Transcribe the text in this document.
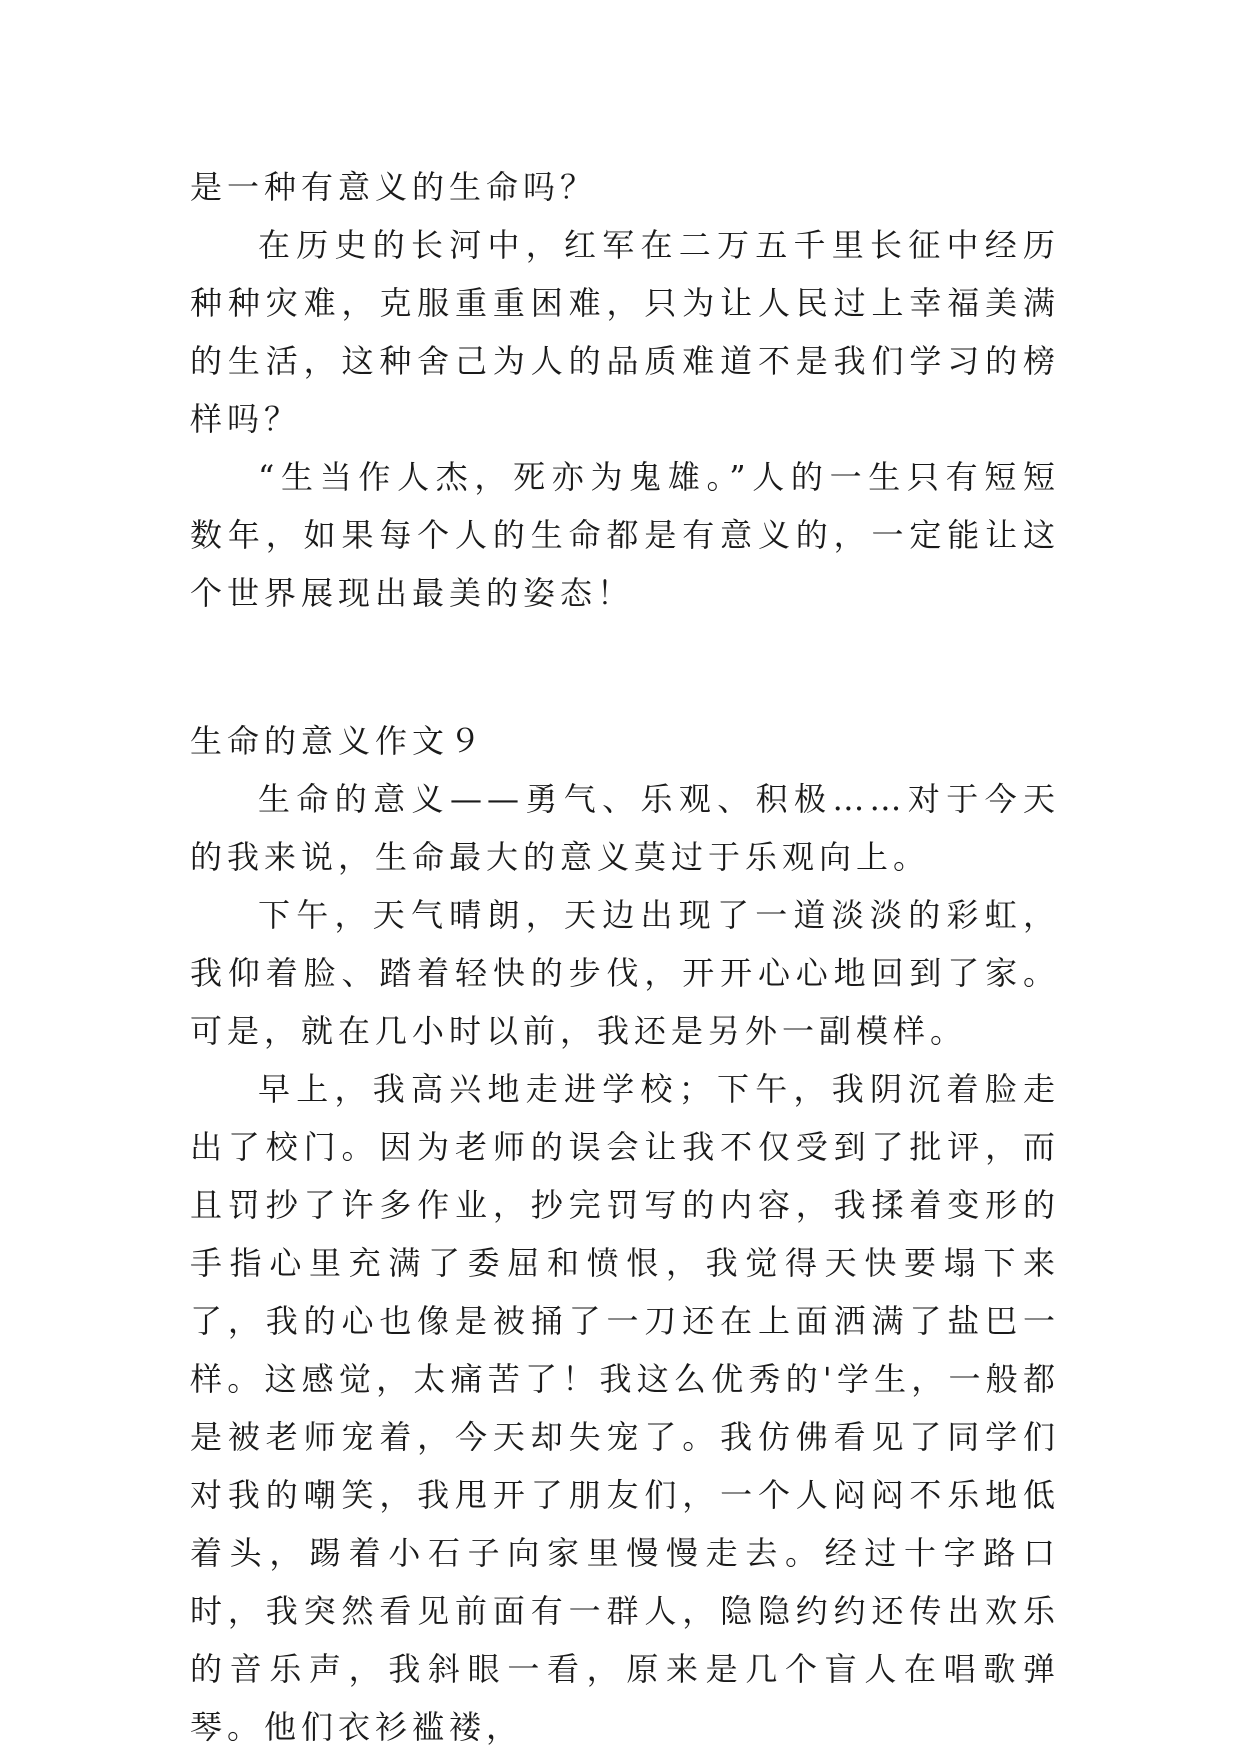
是一种有意义的生命吗？

在历史的长河中，红军在二万五千里长征中经历种种灾难，克服重重困难，只为让人民过上幸福美满的生活，这种舍己为人的品质难道不是我们学习的榜样吗？

“生当作人杰，死亦为鬼雄。”人的一生只有短短数年，如果每个人的生命都是有意义的，一定能让这个世界展现出最美的姿态！

生命的意义作文９

生命的意义——勇气、乐观、积极……对于今天的我来说，生命最大的意义莫过于乐观向上。

下午，天气晴朗，天边出现了一道淡淡的彩虹，我仰着脸、踏着轻快的步伐，开开心心地回到了家。可是，就在几小时以前，我还是另外一副模样。

早上，我高兴地走进学校；下午，我阴沉着脸走出了校门。因为老师的误会让我不仅受到了批评，而且罚抄了许多作业，抄完罚写的内容，我揉着变形的手指心里充满了委屈和愤恨，我觉得天快要塌下来了，我的心也像是被捅了一刀还在上面洒满了盐巴一样。这感觉，太痛苦了！我这么优秀的'学生，一般都是被老师宠着，今天却失宠了。我仿佛看见了同学们对我的嘲笑，我甩开了朋友们，一个人闷闷不乐地低着头，踢着小石子向家里慢慢走去。经过十字路口时，我突然看见前面有一群人，隐隐约约还传出欢乐的音乐声，我斜眼一看，原来是几个盲人在唱歌弹琴。他们衣衫褴褛，
